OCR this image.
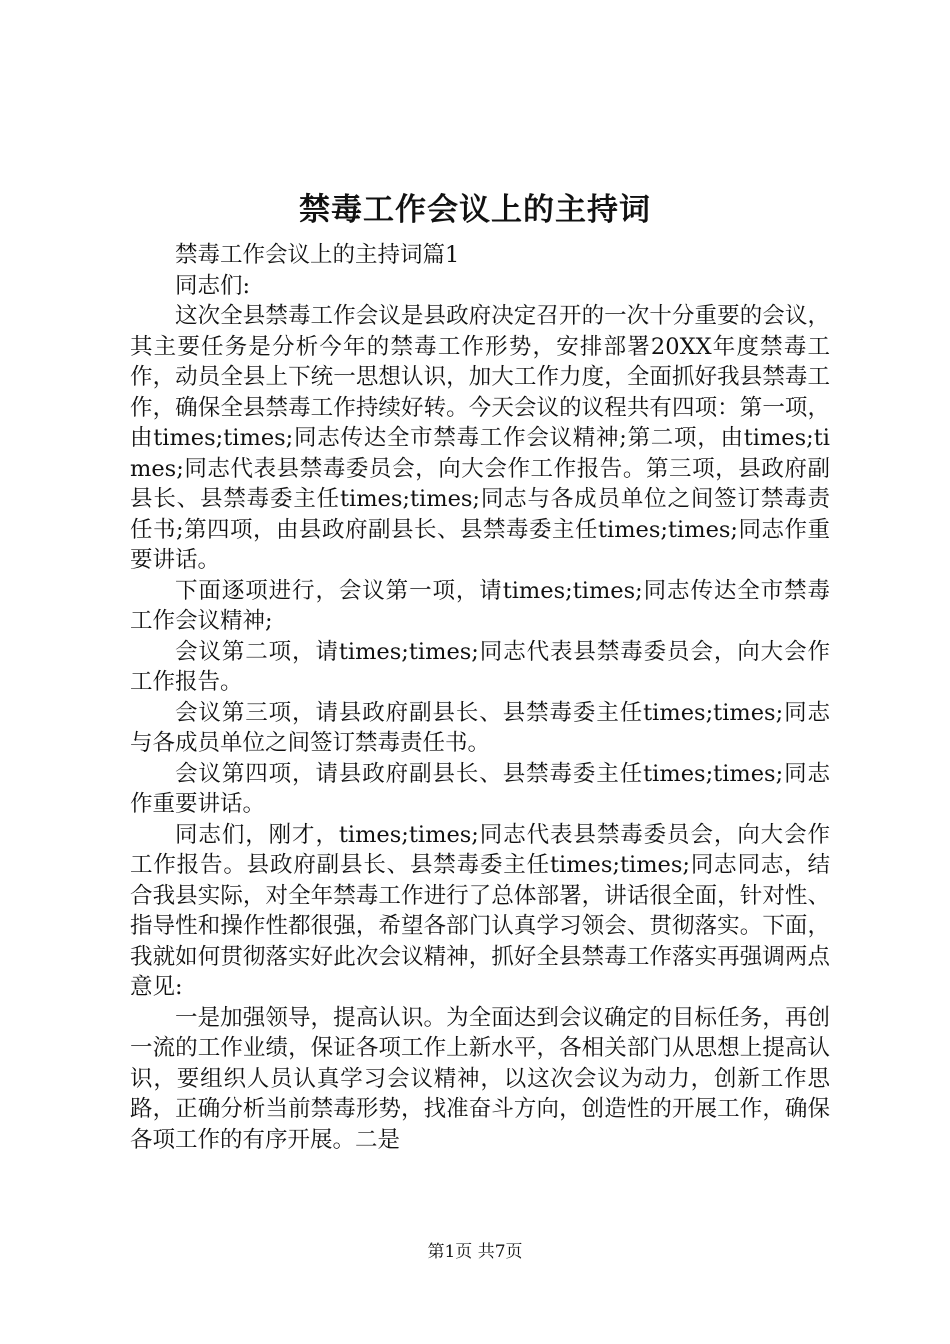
禁毒工作会议上的主持词

禁毒工作会议上的主持词篇1

同志们:

这次全县禁毒工作会议是县政府决定召开的一次十分重要的会议，其主要任务是分析今年的禁毒工作形势，安排部署20XX年度禁毒工作，动员全县上下统一思想认识，加大工作力度，全面抓好我县禁毒工作，确保全县禁毒工作持续好转。今天会议的议程共有四项：第一项，由times;times;同志传达全市禁毒工作会议精神;第二项，由times;times;同志代表县禁毒委员会，向大会作工作报告。第三项，县政府副县长、县禁毒委主任times;times;同志与各成员单位之间签订禁毒责任书;第四项，由县政府副县长、县禁毒委主任times;times;同志作重要讲话。

下面逐项进行，会议第一项，请times;times;同志传达全市禁毒工作会议精神;

会议第二项，请times;times;同志代表县禁毒委员会，向大会作工作报告。

会议第三项，请县政府副县长、县禁毒委主任times;times;同志与各成员单位之间签订禁毒责任书。

会议第四项，请县政府副县长、县禁毒委主任times;times;同志作重要讲话。

同志们，刚才，times;times;同志代表县禁毒委员会，向大会作工作报告。县政府副县长、县禁毒委主任times;times;同志同志，结合我县实际，对全年禁毒工作进行了总体部署，讲话很全面，针对性、指导性和操作性都很强，希望各部门认真学习领会、贯彻落实。下面，我就如何贯彻落实好此次会议精神，抓好全县禁毒工作落实再强调两点意见:

一是加强领导，提高认识。为全面达到会议确定的目标任务，再创一流的工作业绩，保证各项工作上新水平，各相关部门从思想上提高认识，要组织人员认真学习会议精神，以这次会议为动力，创新工作思路，正确分析当前禁毒形势，找准奋斗方向，创造性的开展工作，确保各项工作的有序开展。二是

第1页 共7页
